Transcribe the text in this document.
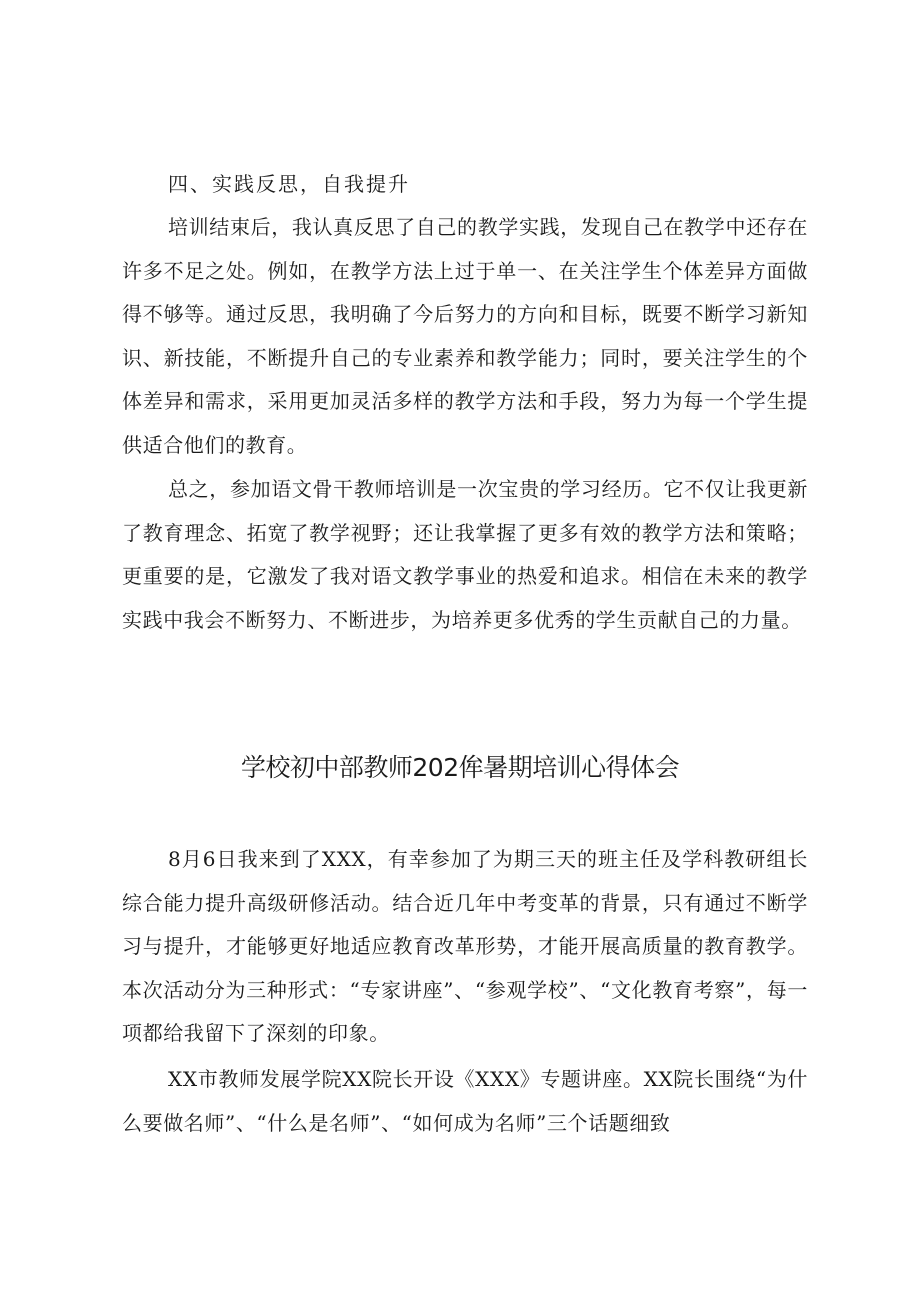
四、实践反思，自我提升

培训结束后，我认真反思了自己的教学实践，发现自己在教学中还存在许多不足之处。例如，在教学方法上过于单一、在关注学生个体差异方面做得不够等。通过反思，我明确了今后努力的方向和目标，既要不断学习新知识、新技能，不断提升自己的专业素养和教学能力；同时，要关注学生的个体差异和需求，采用更加灵活多样的教学方法和手段，努力为每一个学生提供适合他们的教育。

总之，参加语文骨干教师培训是一次宝贵的学习经历。它不仅让我更新了教育理念、拓宽了教学视野；还让我掌握了更多有效的教学方法和策略；更重要的是，它激发了我对语文教学事业的热爱和追求。相信在未来的教学实践中我会不断努力、不断进步，为培养更多优秀的学生贡献自己的力量。

学校初中部教师202侔暑期培训心得体会

8月6日我来到了XXX，有幸参加了为期三天的班主任及学科教研组长综合能力提升高级研修活动。结合近几年中考变革的背景，只有通过不断学习与提升，才能够更好地适应教育改革形势，才能开展高质量的教育教学。本次活动分为三种形式：“专家讲座”、“参观学校”、“文化教育考察”，每一项都给我留下了深刻的印象。

XX市教师发展学院XX院长开设《XXX》专题讲座。XX院长围绕“为什么要做名师”、“什么是名师”、“如何成为名师”三个话题细致
